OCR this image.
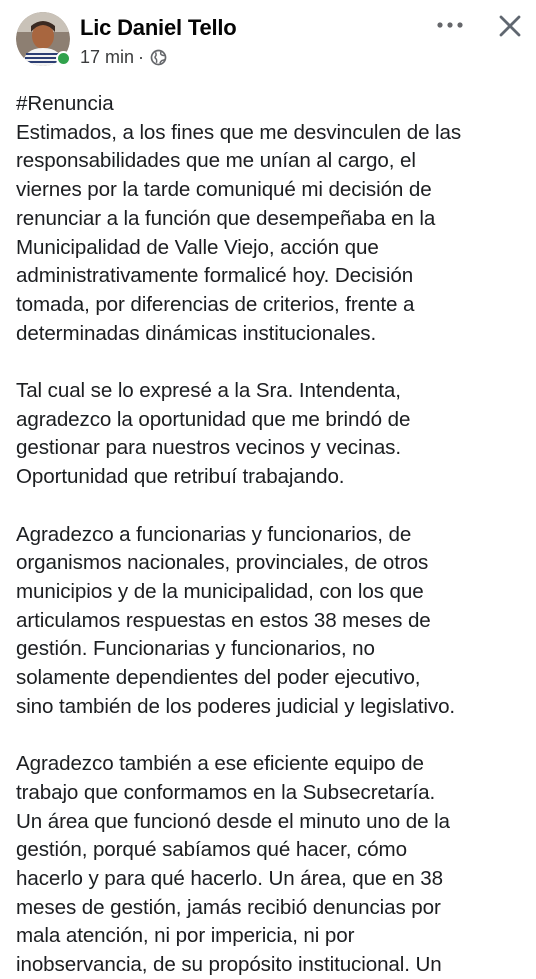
Lic Daniel Tello
17 min ·
#Renuncia
Estimados, a los fines que me desvinculen de las
responsabilidades que me unían al cargo, el
viernes por la tarde comuniqué mi decisión de
renunciar a la función que desempeñaba en la
Municipalidad de Valle Viejo, acción que
administrativamente formalicé hoy. Decisión
tomada, por diferencias de criterios, frente a
determinadas dinámicas institucionales.
Tal cual se lo expresé a la Sra. Intendenta,
agradezco la oportunidad que me brindó de
gestionar para nuestros vecinos y vecinas.
Oportunidad que retribuí trabajando.
Agradezco a funcionarias y funcionarios, de
organismos nacionales, provinciales, de otros
municipios y de la municipalidad, con los que
articulamos respuestas en estos 38 meses de
gestión. Funcionarias y funcionarios, no
solamente dependientes del poder ejecutivo,
sino también de los poderes judicial y legislativo.
Agradezco también a ese eficiente equipo de
trabajo que conformamos en la Subsecretaría.
Un área que funcionó desde el minuto uno de la
gestión, porqué sabíamos qué hacer, cómo
hacerlo y para qué hacerlo. Un área, que en 38
meses de gestión, jamás recibió denuncias por
mala atención, ni por impericia, ni por
inobservancia, de su propósito institucional. Un
